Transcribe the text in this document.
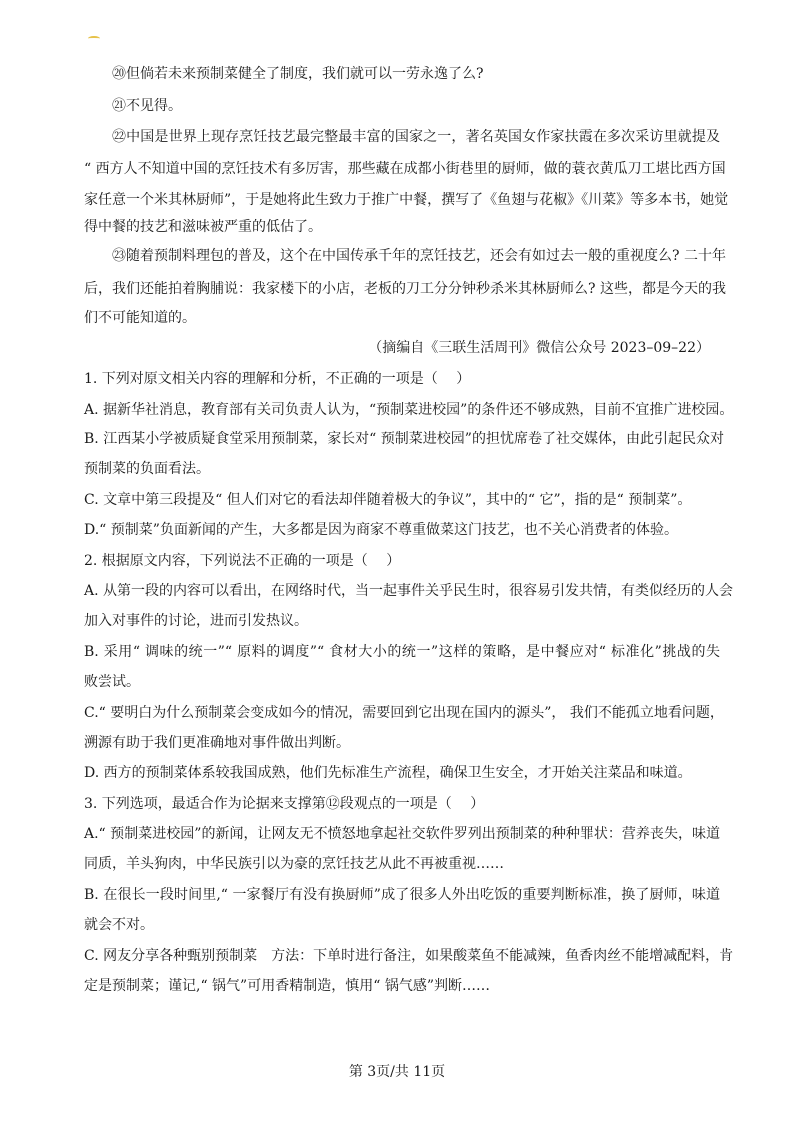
⑳但倘若未来预制菜健全了制度，我们就可以一劳永逸了么?
㉑不见得。
㉒中国是世界上现存烹饪技艺最完整最丰富的国家之一，著名英国女作家扶霞在多次采访里就提及
“ 西方人不知道中国的烹饪技术有多厉害，那些藏在成都小街巷里的厨师，做的蓑衣黄瓜刀工堪比西方国
家任意一个米其林厨师”，于是她将此生致力于推广中餐，撰写了《鱼翅与花椒》《川菜》等多本书，她觉
得中餐的技艺和滋味被严重的低估了。
㉓随着预制料理包的普及，这个在中国传承千年的烹饪技艺，还会有如过去一般的重视度么? 二十年
后，我们还能拍着胸脯说：我家楼下的小店，老板的刀工分分钟秒杀米其林厨师么? 这些，都是今天的我
们不可能知道的。
（摘编自《三联生活周刊》微信公众号 2023–09–22）
1. 下列对原文相关内容的理解和分析，不正确的一项是（　 ）
A. 据新华社消息，教育部有关司负责人认为，“预制菜进校园”的条件还不够成熟，目前不宜推广进校园。
B. 江西某小学被质疑食堂采用预制菜，家长对“ 预制菜进校园”的担忧席卷了社交媒体，由此引起民众对
预制菜的负面看法。
C. 文章中第三段提及“ 但人们对它的看法却伴随着极大的争议”，其中的“ 它”，指的是“ 预制菜”。
D.“ 预制菜”负面新闻的产生，大多都是因为商家不尊重做菜这门技艺，也不关心消费者的体验。
2. 根据原文内容，下列说法不正确的一项是（　 ）
A. 从第一段的内容可以看出，在网络时代，当一起事件关乎民生时，很容易引发共情，有类似经历的人会
加入对事件的讨论，进而引发热议。
B. 采用“ 调味的统一”“ 原料的调度”“ 食材大小的统一”这样的策略，是中餐应对“ 标准化”挑战的失
败尝试。
C.“ 要明白为什么预制菜会变成如今的情况，需要回到它出现在国内的源头”， 我们不能孤立地看问题，
溯源有助于我们更准确地对事件做出判断。
D. 西方的预制菜体系较我国成熟，他们先标准生产流程，确保卫生安全，才开始关注菜品和味道。
3. 下列选项，最适合作为论据来支撑第⑫段观点的一项是（　 ）
A.“ 预制菜进校园”的新闻，让网友无不愤怒地拿起社交软件罗列出预制菜的种种罪状：营养丧失，味道
同质，羊头狗肉，中华民族引以为豪的烹饪技艺从此不再被重视……
B. 在很长一段时间里,“ 一家餐厅有没有换厨师”成了很多人外出吃饭的重要判断标准，换了厨师，味道
就会不对。
C. 网友分享各种甄别预制菜　方法：下单时进行备注，如果酸菜鱼不能减辣，鱼香肉丝不能增减配料，肯
定是预制菜；谨记,“ 锅气”可用香精制造，慎用“ 锅气感”判断……
第 3页/共 11页
